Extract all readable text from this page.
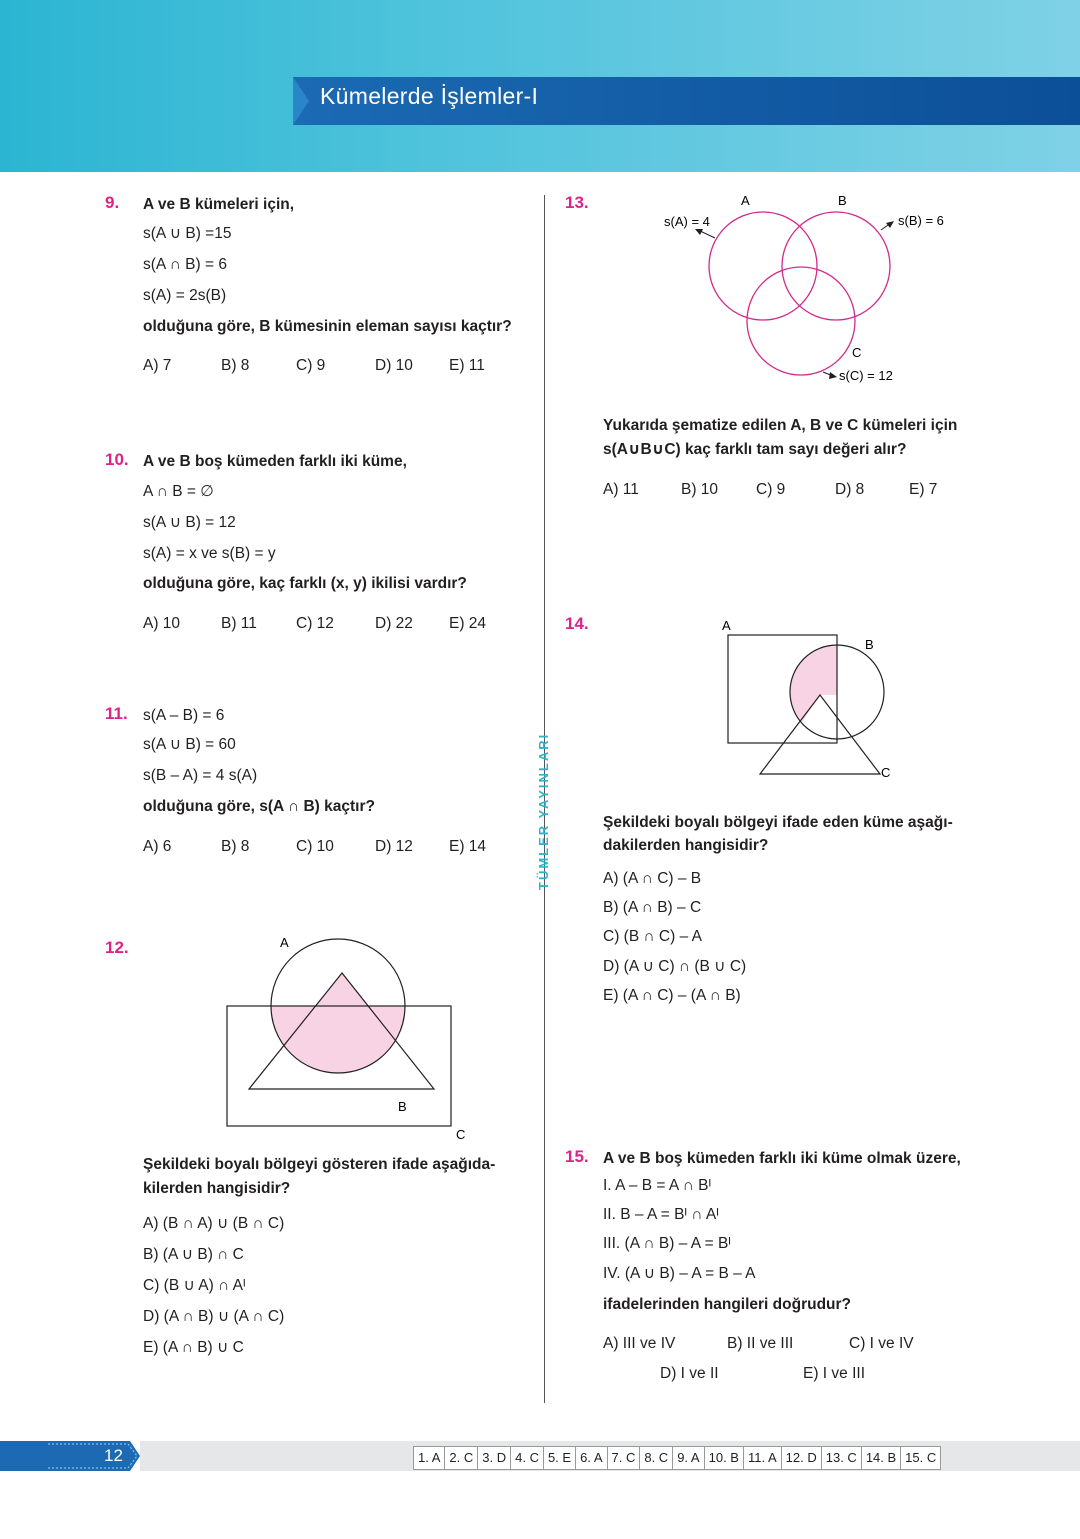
Kümelerde İşlemler-I
TÜMLER YAYINLARI
9. A ve B kümeleri için,
s(A ∪ B) =15
s(A ∩ B) = 6
s(A) = 2s(B)
olduğuna göre, B kümesinin eleman sayısı kaçtır?
A) 7	B) 8	C) 9	D) 10 E) 11
10. A ve B boş kümeden farklı iki küme,
A ∩ B = ∅
s(A ∪ B) = 12
s(A) = x ve s(B) = y
olduğuna göre, kaç farklı (x, y) ikilisi vardır?
A) 10	B) 11	C) 12	D) 22 E) 24
11. s(A – B) = 6
s(A ∪ B) = 60
s(B – A) = 4 s(A)
olduğuna göre, s(A ∩ B) kaçtır?
A) 6	B) 8	C) 10	D) 12 E) 14
12.	A
B
C
Şekildeki boyalı bölgeyi gösteren ifade aşağıda-
kilerden hangisidir?
A) (B ∩ A) ∪ (B ∩ C)
B) (A ∪ B) ∩ C
C) (B ∪ A) ∩ Aᴵ
D) (A ∩ B) ∪ (A ∩ C)
E) (A ∩ B) ∪ C
13.	A	B
C
s(A) = 4	s(B) = 6
s(C) = 12
Yukarıda şematize edilen A, B ve C kümeleri için
s(A∪B∪C) kaç farklı tam sayı değeri alır?
A) 11	B) 10 C) 9	D) 8	E) 7
14.	A
B
C
Şekildeki boyalı bölgeyi ifade eden küme aşağı-
dakilerden hangisidir?
A) (A ∩ C) – B
B) (A ∩ B) – C
C) (B ∩ C) – A
D) (A ∪ C) ∩ (B ∪ C)
E) (A ∩ C) – (A ∩ B)
15. A ve B boş kümeden farklı iki küme olmak üzere,
I. A – B = A ∩ Bᴵ
II. B – A = Bᴵ ∩ Aᴵ
III. (A ∩ B) – A = Bᴵ
IV. (A ∪ B) – A = B – A
ifadelerinden hangileri doğrudur?
A) III ve IV	B) II ve III	C) I ve IV
D) I ve II	E) I ve III
12	1. A 2. C 3. D 4. C 5. E 6. A 7. C 8. C 9. A 10. B 11. A 12. D 13. C 14. B 15. C
